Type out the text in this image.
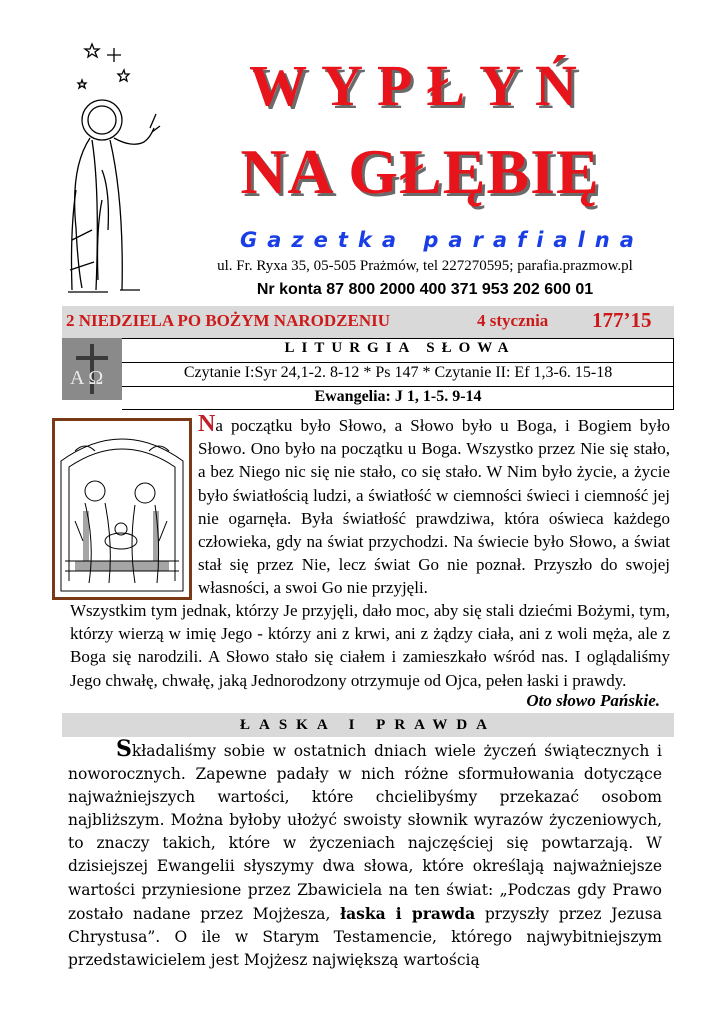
WYPŁYŃ
NA GŁĘBIĘ
Gazetka parafialna
ul. Fr. Ryxa 35, 05-505 Prażmów, tel 227270595; parafia.prazmow.pl
Nr konta 87 800 2000 400 371 953 202 600 01
2 NIEDZIELA PO BOŻYM NARODZENIU	4 stycznia 177’15
Α Ω
LITURGIA SŁOWA
Czytanie I:Syr 24,1-2. 8-12 * Ps 147 * Czytanie II: Ef 1,3-6. 15-18
Ewangelia: J 1, 1-5. 9-14
Na początku było Słowo, a Słowo było u Boga, i Bogiem było Słowo. Ono było na początku u Boga. Wszystko przez Nie się stało, a bez Niego nic się nie stało, co się stało. W Nim było życie, a życie było światłością ludzi, a światłość w ciemności świeci i ciemność jej nie ogarnęła. Była światłość prawdziwa, która oświeca każdego człowieka, gdy na świat przychodzi. Na świecie było Słowo, a świat stał się przez Nie, lecz świat Go nie poznał. Przyszło do swojej własności, a swoi Go nie przyjęli.
Wszystkim tym jednak, którzy Je przyjęli, dało moc, aby się stali dziećmi Bożymi, tym, którzy wierzą w imię Jego - którzy ani z krwi, ani z żądzy ciała, ani z woli męża, ale z Boga się narodzili. A Słowo stało się ciałem i zamieszkało wśród nas. I oglądaliśmy Jego chwałę, chwałę, jaką Jednorodzony otrzymuje od Ojca, pełen łaski i prawdy.
Oto słowo Pańskie.
ŁASKA I PRAWDA

Składaliśmy sobie w ostatnich dniach wiele życzeń świątecznych i noworocznych. Zapewne padały w nich różne sformułowania dotyczące najważniejszych wartości, które chcielibyśmy przekazać osobom najbliższym. Można byłoby ułożyć swoisty słownik wyrazów życzeniowych, to znaczy takich, które w życzeniach najczęściej się powtarzają. W dzisiejszej Ewangelii słyszymy dwa słowa, które określają najważniejsze wartości przyniesione przez Zbawiciela na ten świat: „Podczas gdy Prawo zostało nadane przez Mojżesza, łaska i prawda przyszły przez Jezusa Chrystusa”. O ile w Starym Testamencie, którego najwybitniejszym przedstawicielem jest Mojżesz największą wartością
